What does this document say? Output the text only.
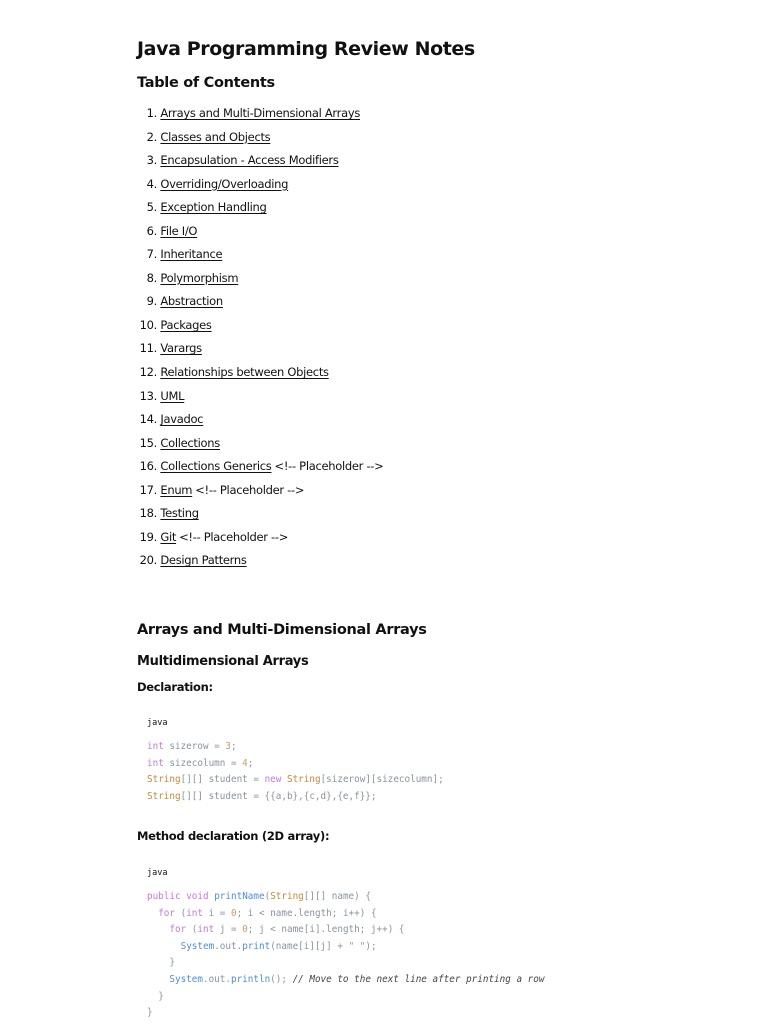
Java Programming Review Notes
Table of Contents
1. Arrays and Multi-Dimensional Arrays
2. Classes and Objects
3. Encapsulation - Access Modifiers
4. Overriding/Overloading
5. Exception Handling
6. File I/O
7. Inheritance
8. Polymorphism
9. Abstraction
10. Packages
11. Varargs
12. Relationships between Objects
13. UML
14. Javadoc
15. Collections
16. Collections Generics <!-- Placeholder -->
17. Enum <!-- Placeholder -->
18. Testing
19. Git <!-- Placeholder -->
20. Design Patterns
Arrays and Multi-Dimensional Arrays
Multidimensional Arrays

Declaration:

java
int sizerow = 3;
int sizecolumn = 4;
String[][] student = new String[sizerow][sizecolumn];
String[][] student = {{a,b},{c,d},{e,f}};

Method declaration (2D array):

java
public void printName(String[][] name) {
for (int i = 0; i < name.length; i++) {
for (int j = 0; j < name[i].length; j++) {
System.out.print(name[i][j] + " ");
}
System.out.println(); // Move to the next line after printing a row
}
}
